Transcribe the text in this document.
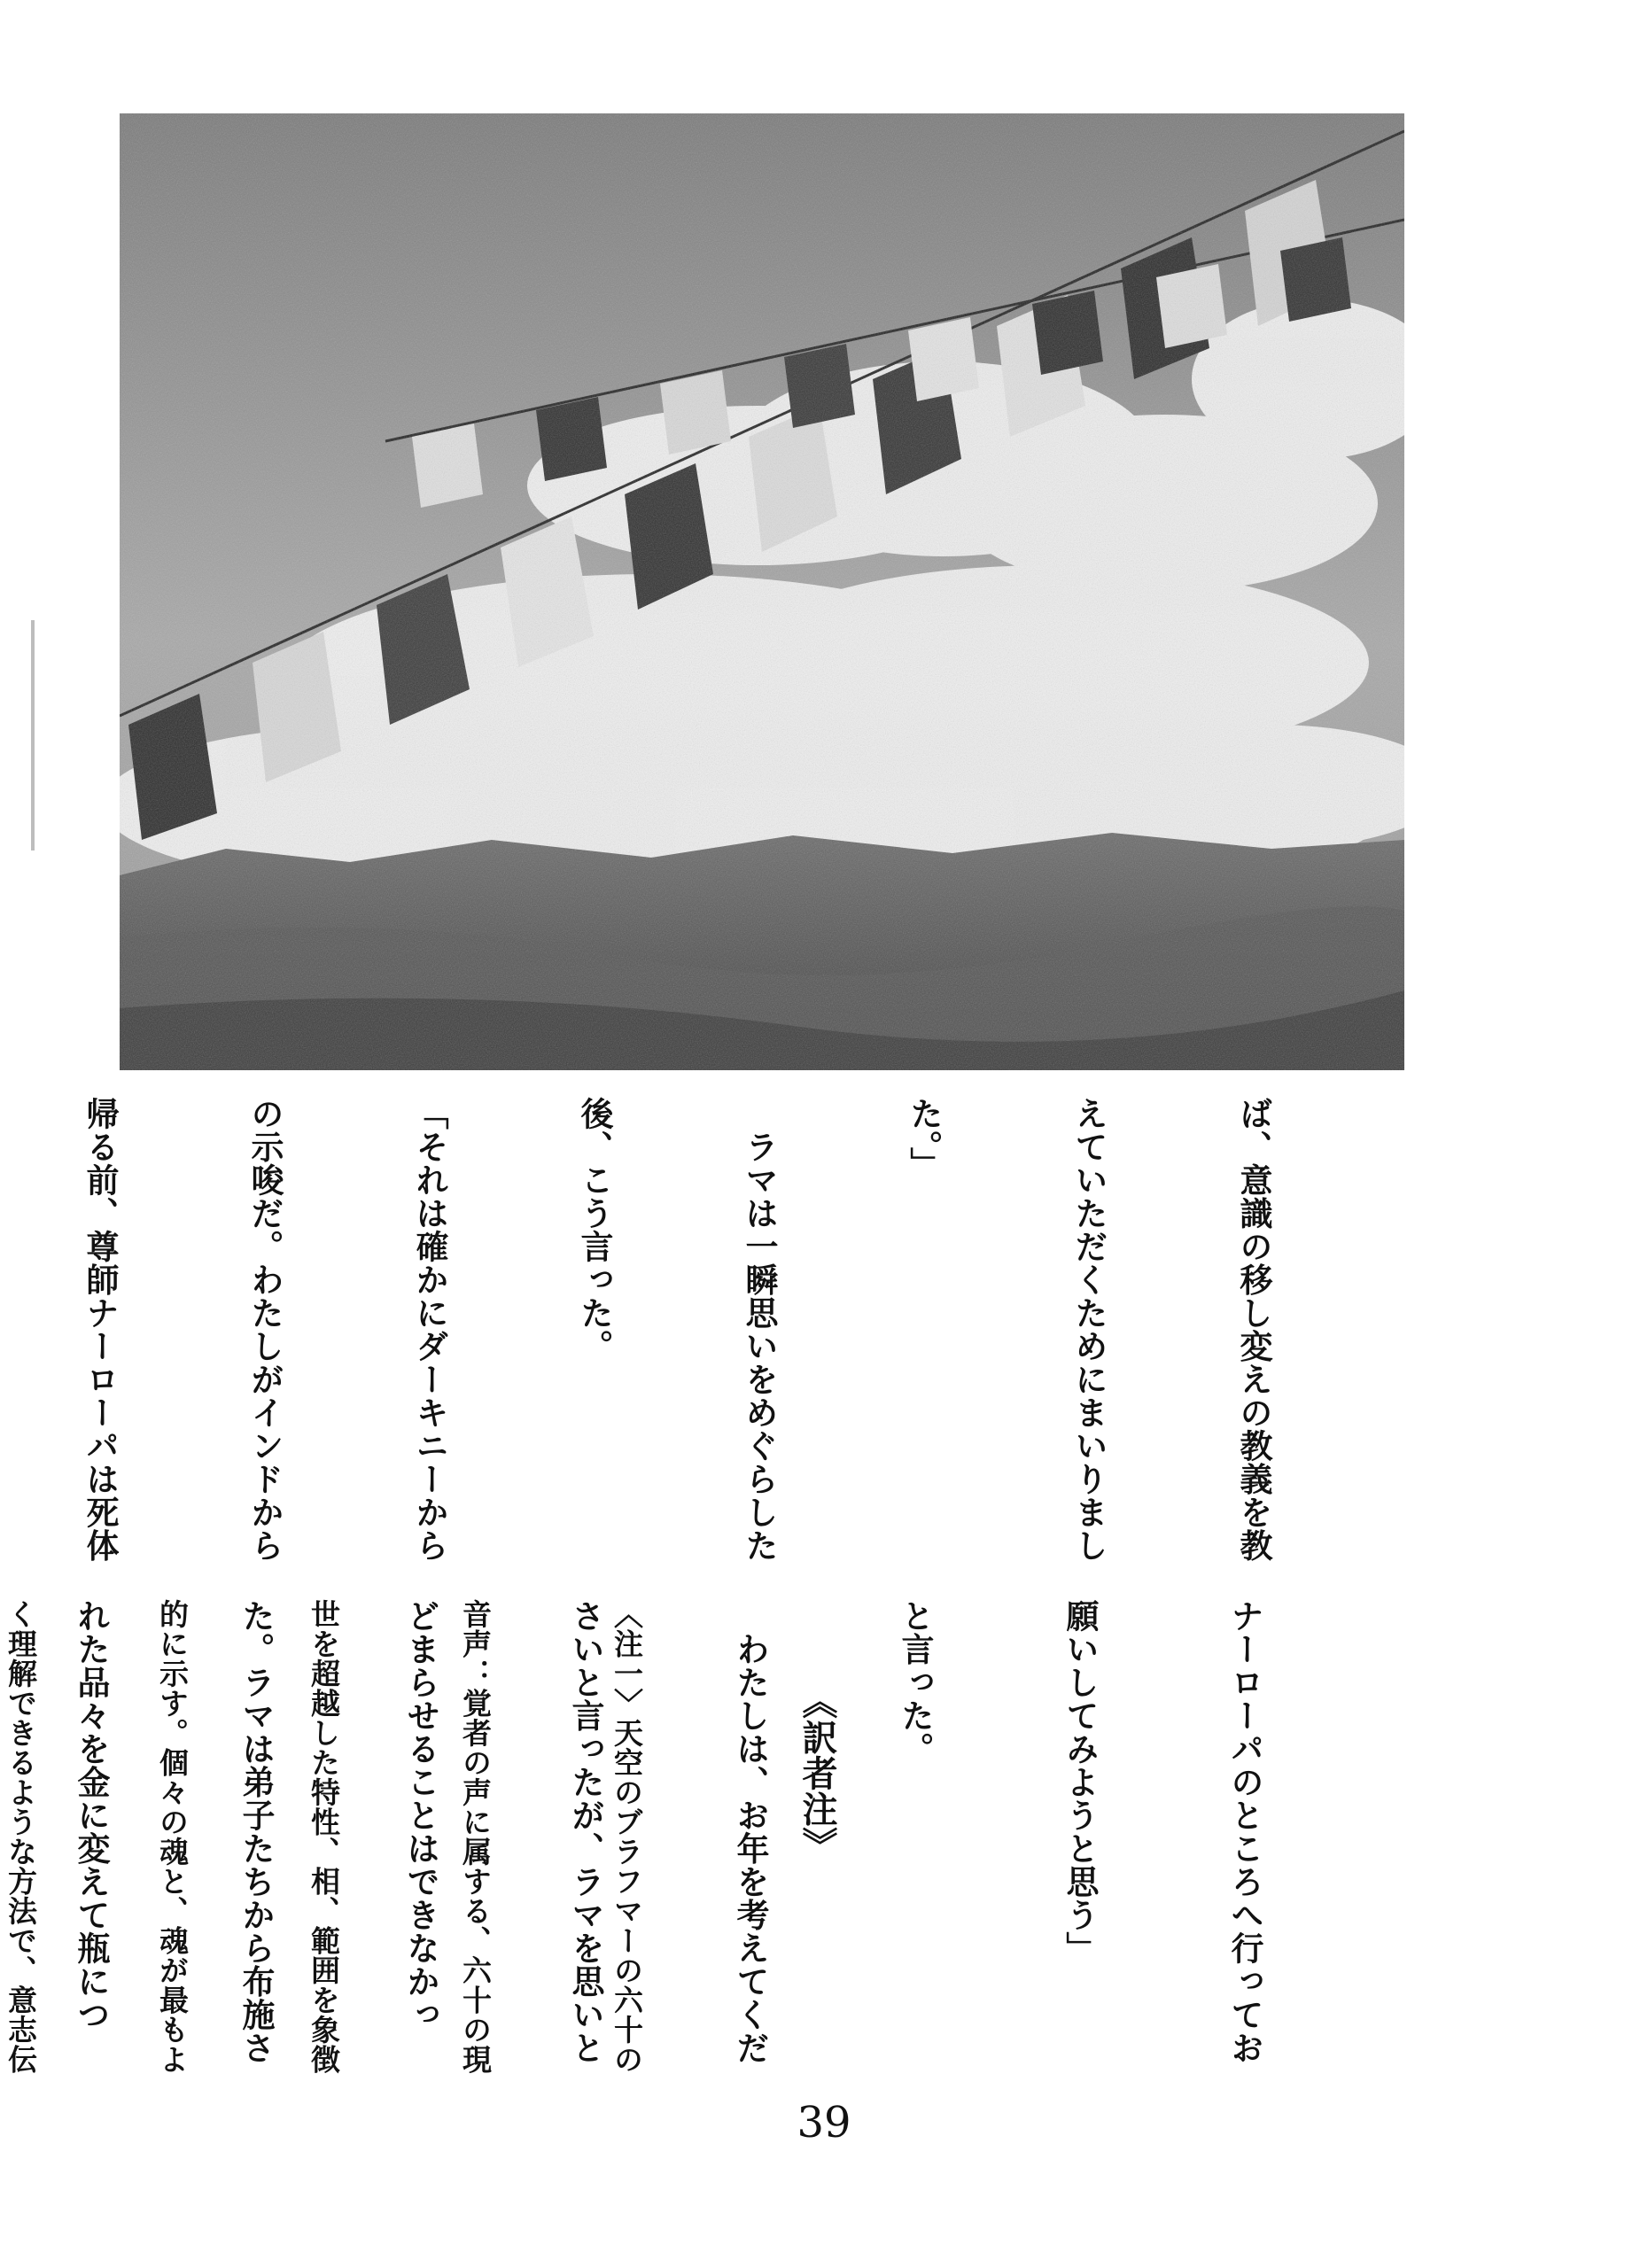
ば、意識の移し変えの教義を教

えていただくためにまいりまし

た。」

　ラマは一瞬思いをめぐらした

後、こう言った。

「それは確かにダーキニーから

の示唆だ。わたしがインドから

帰る前、尊師ナーローパは死体

ナーローパのところへ行ってお

願いしてみようと思う」

と言った。

　わたしは、お年を考えてくだ

さいと言ったが、ラマを思いと

どまらせることはできなかっ

た。ラマは弟子たちから布施さ

れた品々を金に変えて瓶につ

	《訳者注》

〈注一〉天空のブラフマーの六十の

音声：覚者の声に属する、六十の現

世を超越した特性、相、範囲を象徴

的に示す。個々の魂と、魂が最もよ

く理解できるような方法で、意志伝

39
